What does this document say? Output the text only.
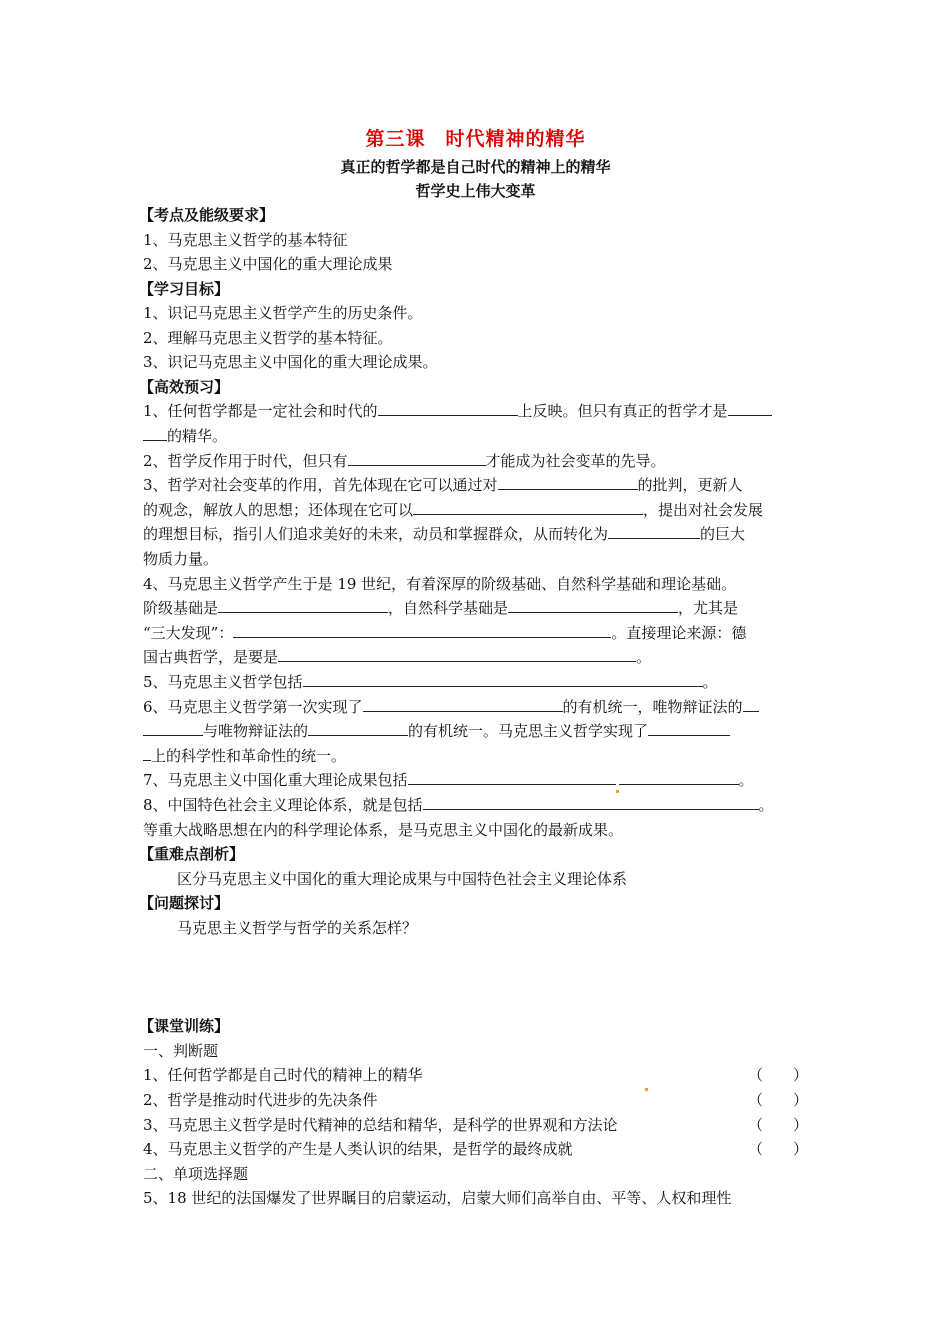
第三课　时代精神的精华
真正的哲学都是自己时代的精神上的精华
哲学史上伟大变革
【考点及能级要求】
1、马克思主义哲学的基本特征
2、马克思主义中国化的重大理论成果
【学习目标】
1、识记马克思主义哲学产生的历史条件。
2、理解马克思主义哲学的基本特征。
3、识记马克思主义中国化的重大理论成果。
【高效预习】
1、任何哲学都是一定社会和时代的	上反映。但只有真正的哲学才是
的精华。
2、哲学反作用于时代，但只有	才能成为社会变革的先导。
3、哲学对社会变革的作用，首先体现在它可以通过对	的批判，更新人
的观念，解放人的思想；还体现在它可以	，提出对社会发展
的理想目标，指引人们追求美好的未来，动员和掌握群众，从而转化为	的巨大
物质力量。
4、马克思主义哲学产生于是 19 世纪，有着深厚的阶级基础、自然科学基础和理论基础。
阶级基础是	，自然科学基础是	，尤其是
“三大发现”：	。直接理论来源：德
国古典哲学，是要是	。
5、马克思主义哲学包括	。
6、马克思主义哲学第一次实现了	的有机统一，唯物辩证法的
与唯物辩证法的	的有机统一。马克思主义哲学实现了
上的科学性和革命性的统一。
7、马克思主义中国化重大理论成果包括	。
8、中国特色社会主义理论体系，就是包括	。
等重大战略思想在内的科学理论体系，是马克思主义中国化的最新成果。
【重难点剖析】
区分马克思主义中国化的重大理论成果与中国特色社会主义理论体系
【问题探讨】
马克思主义哲学与哲学的关系怎样？
【课堂训练】
一、判断题
1、任何哲学都是自己时代的精神上的精华	（　　）
2、哲学是推动时代进步的先决条件	（　　）
3、马克思主义哲学是时代精神的总结和精华，是科学的世界观和方法论	（　　）
4、马克思主义哲学的产生是人类认识的结果，是哲学的最终成就	（　　）
二、单项选择题
5、18 世纪的法国爆发了世界瞩目的启蒙运动，启蒙大师们高举自由、平等、人权和理性
